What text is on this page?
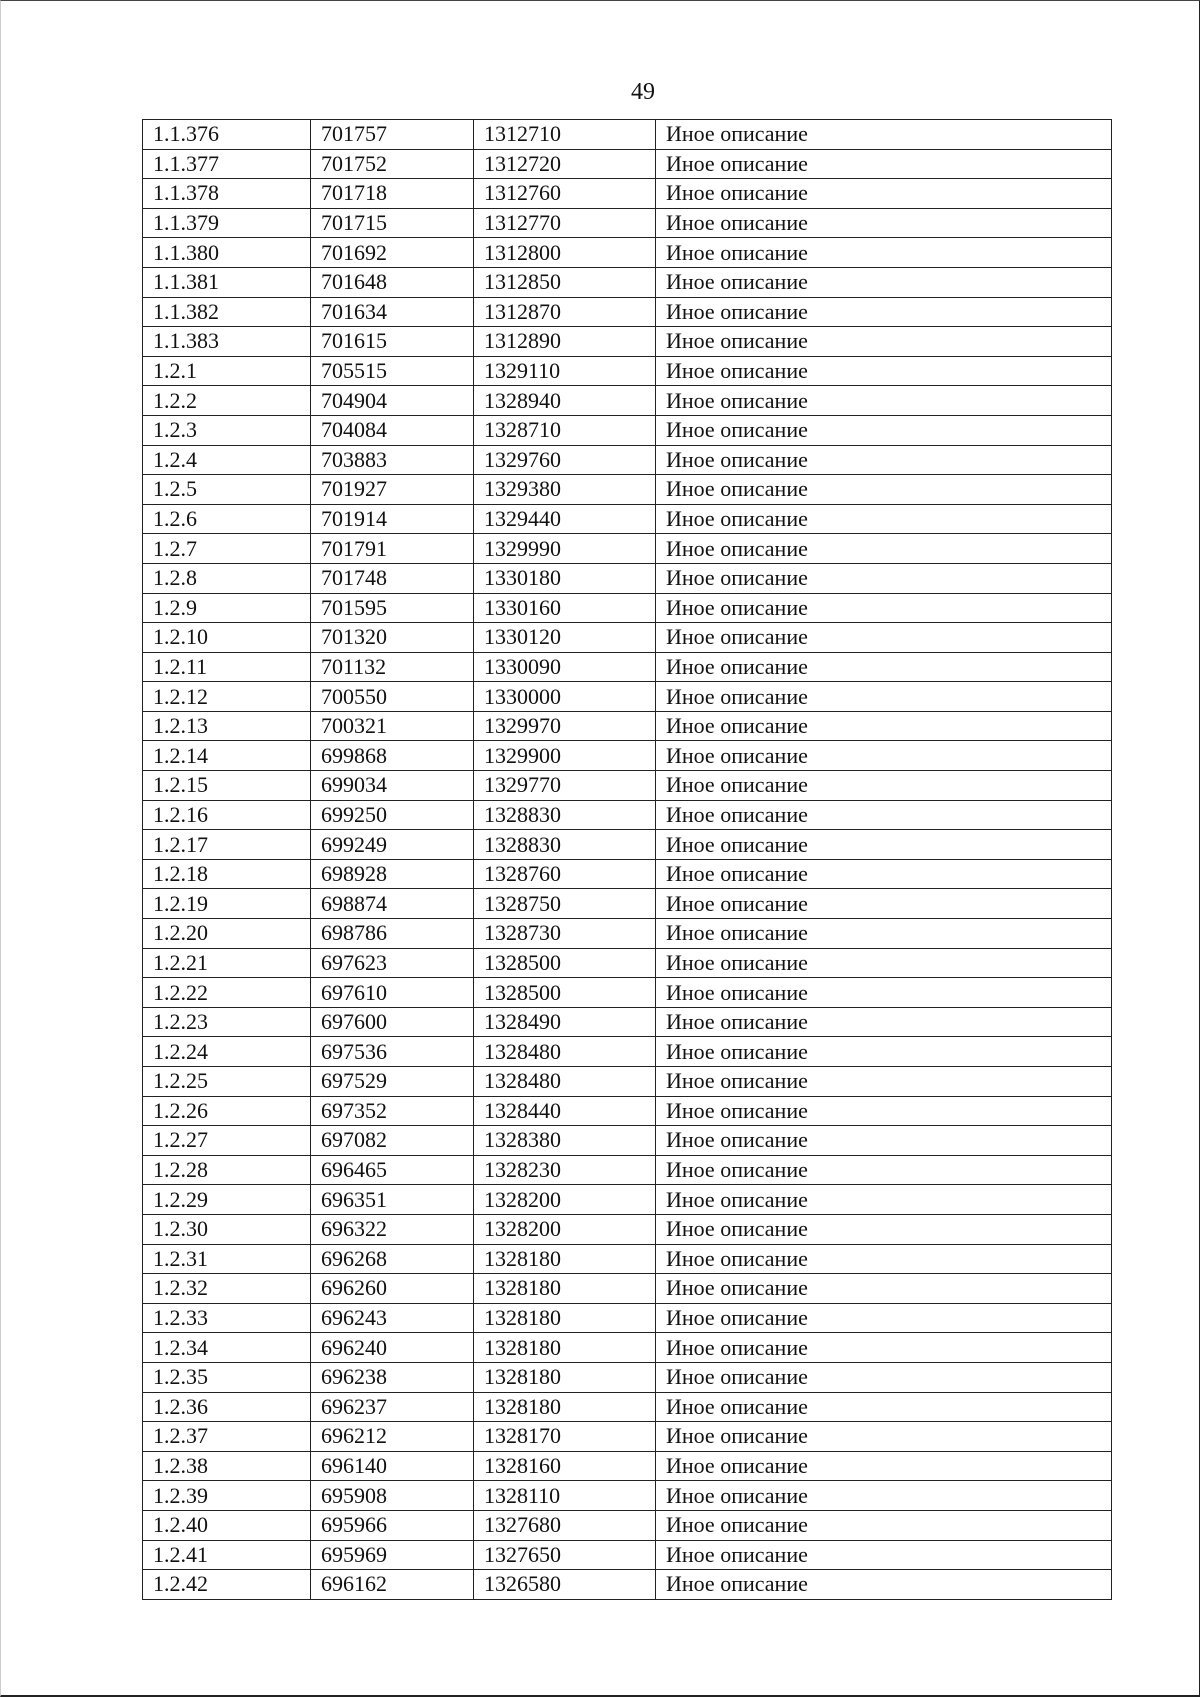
49
1.1.376	701757	1312710	Иное описание
1.1.377	701752	1312720	Иное описание
1.1.378	701718	1312760	Иное описание
1.1.379	701715	1312770	Иное описание
1.1.380	701692	1312800	Иное описание
1.1.381	701648	1312850	Иное описание
1.1.382	701634	1312870	Иное описание
1.1.383	701615	1312890	Иное описание
1.2.1	705515	1329110	Иное описание
1.2.2	704904	1328940	Иное описание
1.2.3	704084	1328710	Иное описание
1.2.4	703883	1329760	Иное описание
1.2.5	701927	1329380	Иное описание
1.2.6	701914	1329440	Иное описание
1.2.7	701791	1329990	Иное описание
1.2.8	701748	1330180	Иное описание
1.2.9	701595	1330160	Иное описание
1.2.10	701320	1330120	Иное описание
1.2.11	701132	1330090	Иное описание
1.2.12	700550	1330000	Иное описание
1.2.13	700321	1329970	Иное описание
1.2.14	699868	1329900	Иное описание
1.2.15	699034	1329770	Иное описание
1.2.16	699250	1328830	Иное описание
1.2.17	699249	1328830	Иное описание
1.2.18	698928	1328760	Иное описание
1.2.19	698874	1328750	Иное описание
1.2.20	698786	1328730	Иное описание
1.2.21	697623	1328500	Иное описание
1.2.22	697610	1328500	Иное описание
1.2.23	697600	1328490	Иное описание
1.2.24	697536	1328480	Иное описание
1.2.25	697529	1328480	Иное описание
1.2.26	697352	1328440	Иное описание
1.2.27	697082	1328380	Иное описание
1.2.28	696465	1328230	Иное описание
1.2.29	696351	1328200	Иное описание
1.2.30	696322	1328200	Иное описание
1.2.31	696268	1328180	Иное описание
1.2.32	696260	1328180	Иное описание
1.2.33	696243	1328180	Иное описание
1.2.34	696240	1328180	Иное описание
1.2.35	696238	1328180	Иное описание
1.2.36	696237	1328180	Иное описание
1.2.37	696212	1328170	Иное описание
1.2.38	696140	1328160	Иное описание
1.2.39	695908	1328110	Иное описание
1.2.40	695966	1327680	Иное описание
1.2.41	695969	1327650	Иное описание
1.2.42	696162	1326580	Иное описание
